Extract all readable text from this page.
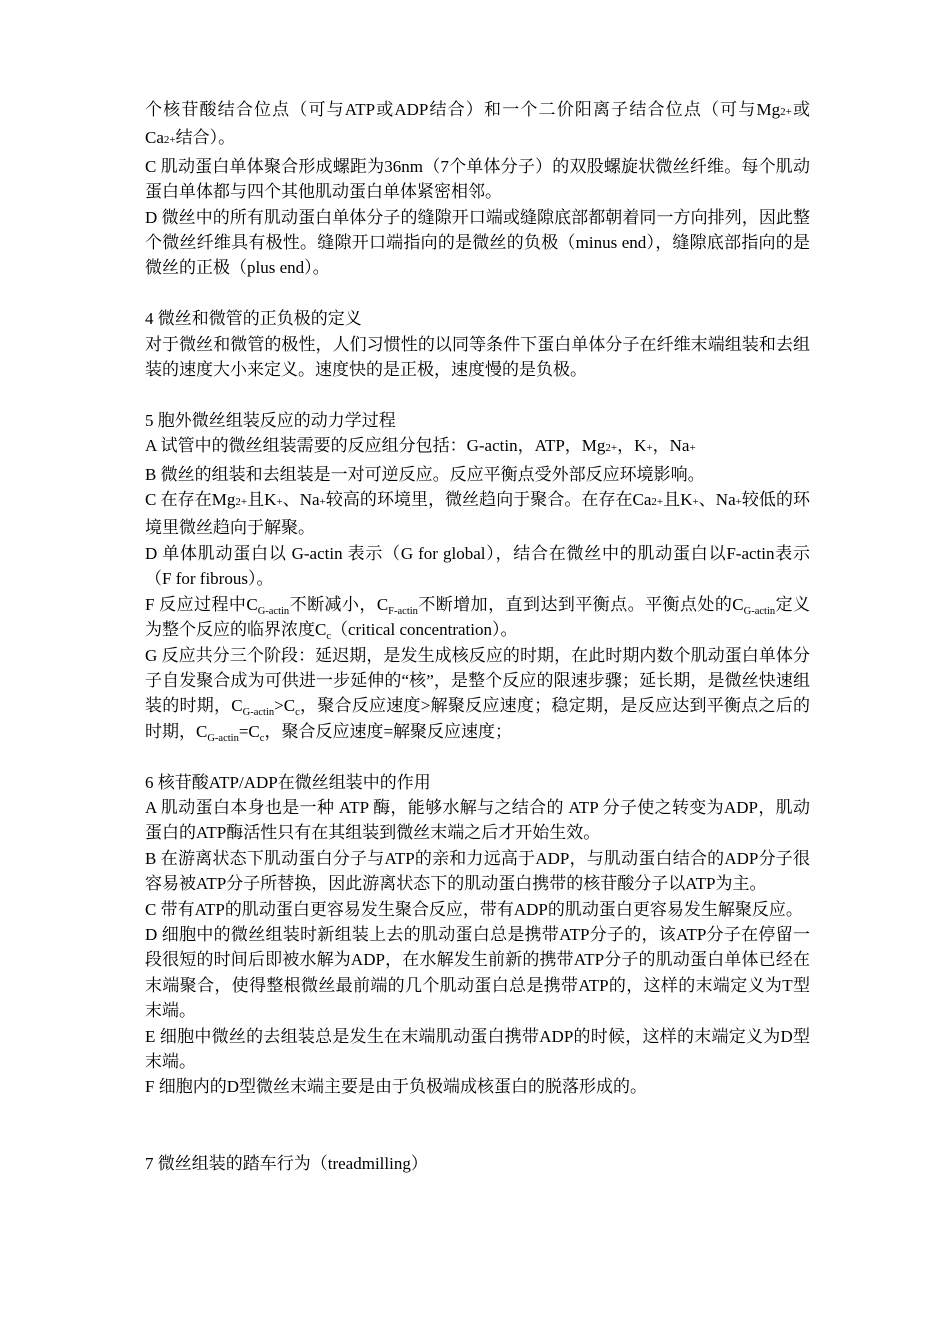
个核苷酸结合位点（可与ATP或ADP结合）和一个二价阳离子结合位点（可与Mg2+或Ca2+结合）。

C 肌动蛋白单体聚合形成螺距为36nm（7个单体分子）的双股螺旋状微丝纤维。每个肌动蛋白单体都与四个其他肌动蛋白单体紧密相邻。

D 微丝中的所有肌动蛋白单体分子的缝隙开口端或缝隙底部都朝着同一方向排列，因此整个微丝纤维具有极性。缝隙开口端指向的是微丝的负极（minus end），缝隙底部指向的是微丝的正极（plus end）。

4 微丝和微管的正负极的定义

对于微丝和微管的极性，人们习惯性的以同等条件下蛋白单体分子在纤维末端组装和去组装的速度大小来定义。速度快的是正极，速度慢的是负极。

5 胞外微丝组装反应的动力学过程

A 试管中的微丝组装需要的反应组分包括：G-actin，ATP，Mg2+，K+，Na+

B 微丝的组装和去组装是一对可逆反应。反应平衡点受外部反应环境影响。

C 在存在Mg2+且K+、Na+较高的环境里，微丝趋向于聚合。在存在Ca2+且K+、Na+较低的环境里微丝趋向于解聚。

D 单体肌动蛋白以 G-actin 表示（G for global），结合在微丝中的肌动蛋白以F-actin表示（F for fibrous）。

F 反应过程中$C_{G-actin}$不断减小，$C_{F-actin}$不断增加，直到达到平衡点。平衡点处的$C_{G-actin}$定义为整个反应的临界浓度$C_c(critical$ concentration）。

G 反应共分三个阶段：延迟期，是发生成核反应的时期，在此时期内数个肌动蛋白单体分子自发聚合成为可供进一步延伸的“核”，是整个反应的限速步骤；延长期，是微丝快速组装的时期，$C_{G-actin}>C_c$，聚合反应速度>解聚反应速度；稳定期，是反应达到平衡点之后的时期，$C_{G-actin}=C_c$，聚合反应速度=解聚反应速度；

6 核苷酸ATP/ADP在微丝组装中的作用

A 肌动蛋白本身也是一种 ATP 酶，能够水解与之结合的 ATP 分子使之转变为ADP，肌动蛋白的ATP酶活性只有在其组装到微丝末端之后才开始生效。

B 在游离状态下肌动蛋白分子与ATP的亲和力远高于ADP，与肌动蛋白结合的ADP分子很容易被ATP分子所替换，因此游离状态下的肌动蛋白携带的核苷酸分子以ATP为主。

C 带有ATP的肌动蛋白更容易发生聚合反应，带有ADP的肌动蛋白更容易发生解聚反应。

D 细胞中的微丝组装时新组装上去的肌动蛋白总是携带ATP分子的，该ATP分子在停留一段很短的时间后即被水解为ADP，在水解发生前新的携带ATP分子的肌动蛋白单体已经在末端聚合，使得整根微丝最前端的几个肌动蛋白总是携带ATP的，这样的末端定义为T型末端。

E 细胞中微丝的去组装总是发生在末端肌动蛋白携带ADP的时候，这样的末端定义为D型末端。

F 细胞内的D型微丝末端主要是由于负极端成核蛋白的脱落形成的。

7 微丝组装的踏车行为（treadmilling）
